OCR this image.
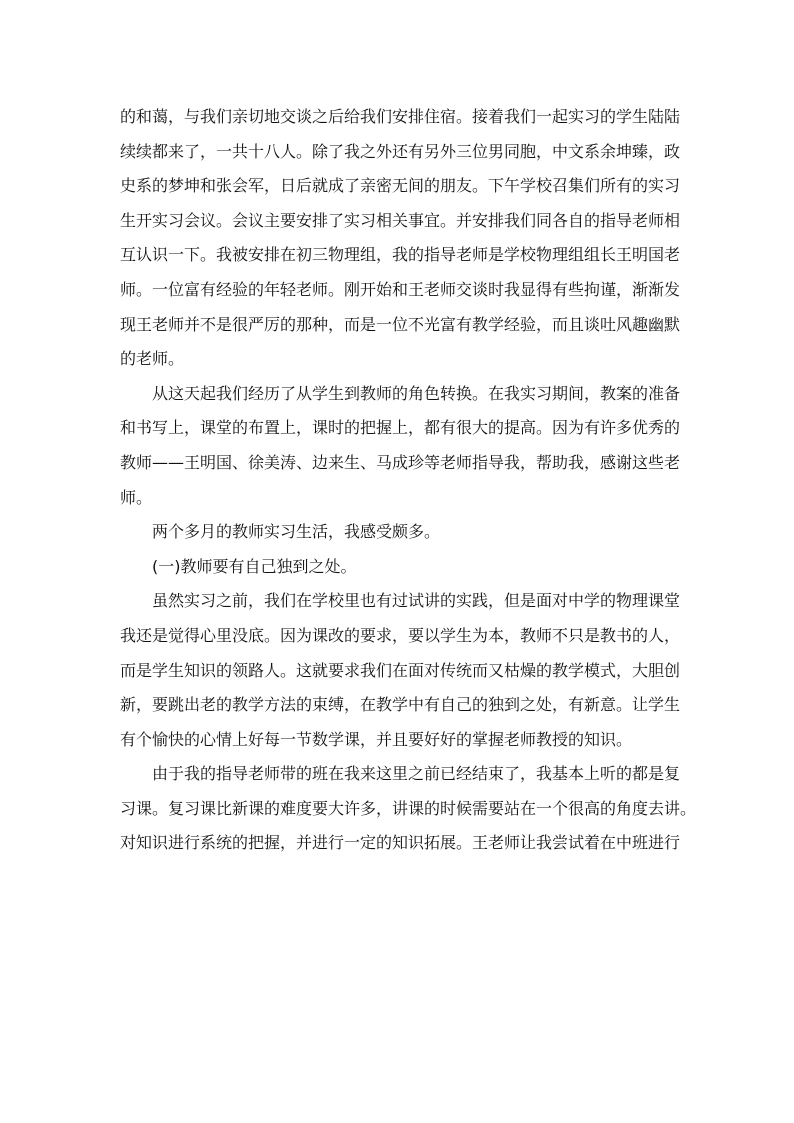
的和蔼，与我们亲切地交谈之后给我们安排住宿。接着我们一起实习的学生陆陆
续续都来了，一共十八人。除了我之外还有另外三位男同胞，中文系余坤臻，政
史系的梦坤和张会军，日后就成了亲密无间的朋友。下午学校召集们所有的实习
生开实习会议。会议主要安排了实习相关事宜。并安排我们同各自的指导老师相
互认识一下。我被安排在初三物理组，我的指导老师是学校物理组组长王明国老
师。一位富有经验的年轻老师。刚开始和王老师交谈时我显得有些拘谨，渐渐发
现王老师并不是很严厉的那种，而是一位不光富有教学经验，而且谈吐风趣幽默
的老师。
从这天起我们经历了从学生到教师的角色转换。在我实习期间，教案的准备
和书写上，课堂的布置上，课时的把握上，都有很大的提高。因为有许多优秀的
教师——王明国、徐美涛、边来生、马成珍等老师指导我，帮助我，感谢这些老
师。
两个多月的教师实习生活，我感受颇多。
(一)教师要有自己独到之处。
虽然实习之前，我们在学校里也有过试讲的实践，但是面对中学的物理课堂
我还是觉得心里没底。因为课改的要求，要以学生为本，教师不只是教书的人，
而是学生知识的领路人。这就要求我们在面对传统而又枯燥的教学模式，大胆创
新，要跳出老的教学方法的束缚，在教学中有自己的独到之处，有新意。让学生
有个愉快的心情上好每一节数学课，并且要好好的掌握老师教授的知识。
由于我的指导老师带的班在我来这里之前已经结束了，我基本上听的都是复
习课。复习课比新课的难度要大许多，讲课的时候需要站在一个很高的角度去讲。
对知识进行系统的把握，并进行一定的知识拓展。王老师让我尝试着在中班进行
